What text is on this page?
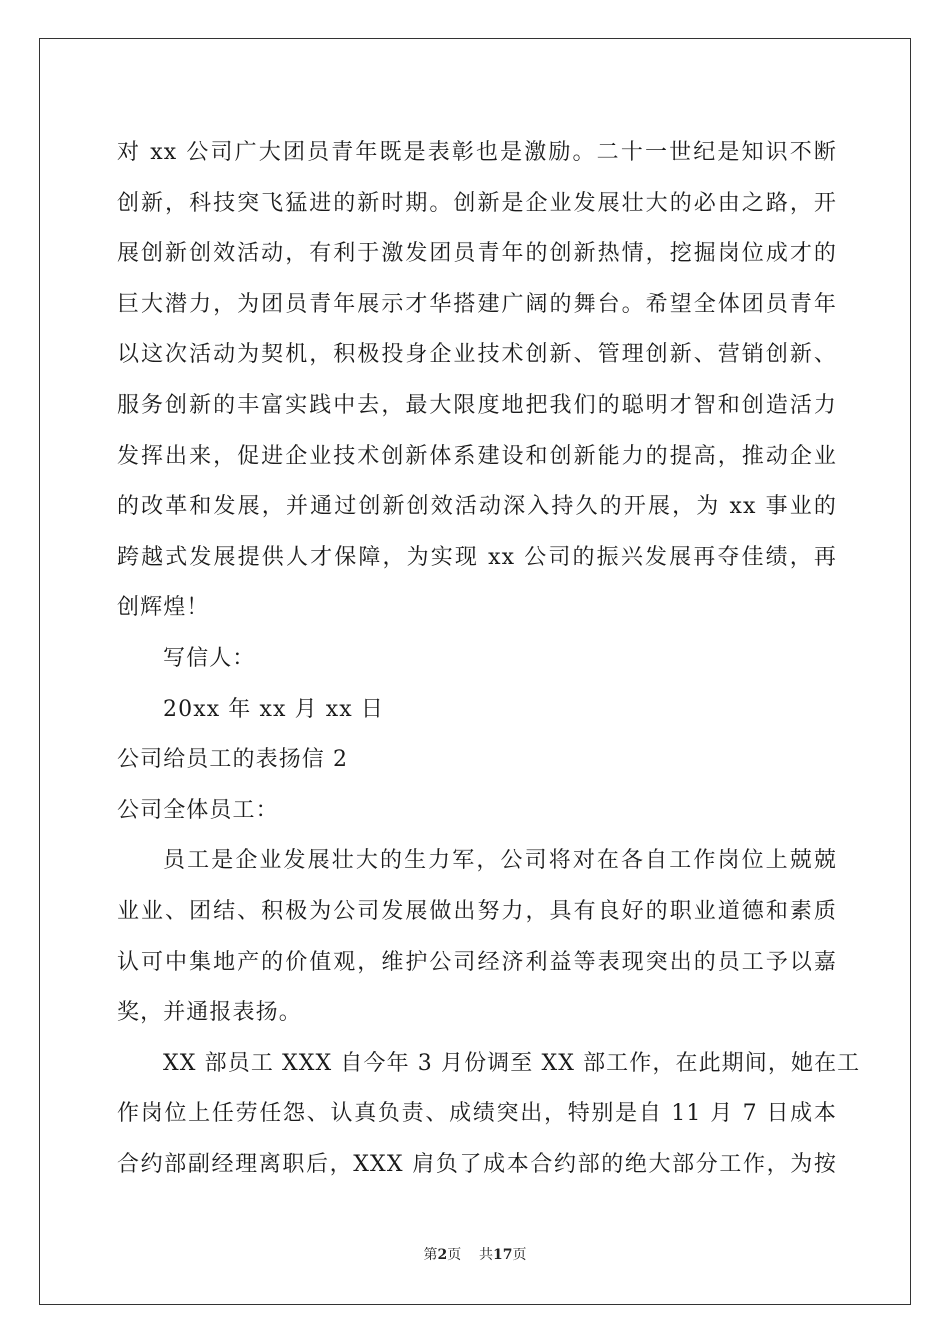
对 xx 公司广大团员青年既是表彰也是激励。二十一世纪是知识不断
创新，科技突飞猛进的新时期。创新是企业发展壮大的必由之路，开
展创新创效活动，有利于激发团员青年的创新热情，挖掘岗位成才的
巨大潜力，为团员青年展示才华搭建广阔的舞台。希望全体团员青年
以这次活动为契机，积极投身企业技术创新、管理创新、营销创新、
服务创新的丰富实践中去，最大限度地把我们的聪明才智和创造活力
发挥出来，促进企业技术创新体系建设和创新能力的提高，推动企业
的改革和发展，并通过创新创效活动深入持久的开展，为 xx 事业的
跨越式发展提供人才保障，为实现 xx 公司的振兴发展再夺佳绩，再
创辉煌！
写信人：
20xx 年 xx 月 xx 日
公司给员工的表扬信 2
公司全体员工：
员工是企业发展壮大的生力军，公司将对在各自工作岗位上兢兢
业业、团结、积极为公司发展做出努力，具有良好的职业道德和素质
认可中集地产的价值观，维护公司经济利益等表现突出的员工予以嘉
奖，并通报表扬。
XX 部员工 XXX 自今年 3 月份调至 XX 部工作，在此期间，她在工
作岗位上任劳任怨、认真负责、成绩突出，特别是自 11 月 7 日成本
合约部副经理离职后，XXX 肩负了成本合约部的绝大部分工作，为按
第2页    共17页
